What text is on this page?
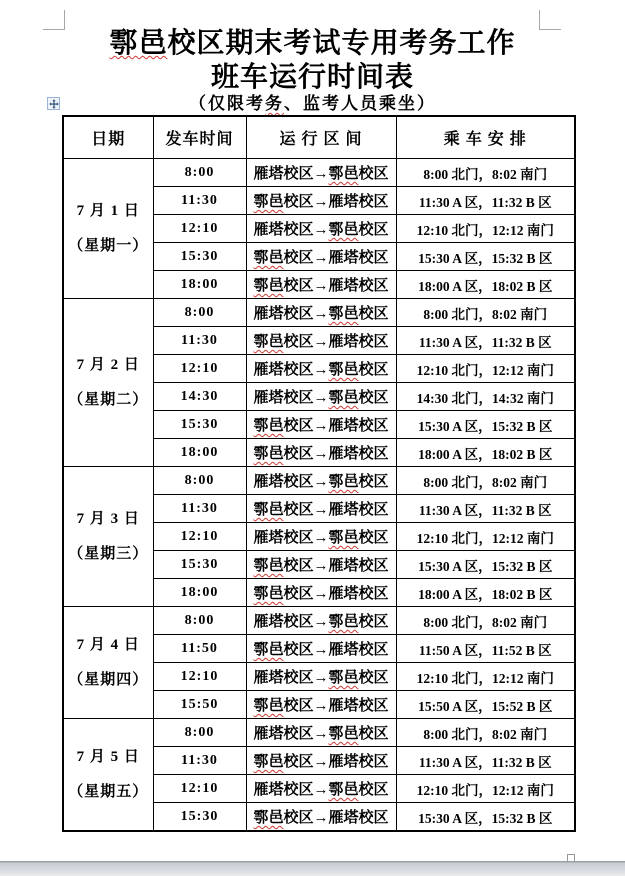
鄠邑校区期末考试专用考务工作
班车运行时间表
（仅限考务、监考人员乘坐）
日期	发车时间	运 行 区 间	乘 车 安 排

7 月 1 日
（星期一）	8:00	雁塔校区→鄠邑校区	8:00 北门，8:02 南门
	11:30	鄠邑校区→雁塔校区	11:30 A 区，11:32 B 区
	12:10	雁塔校区→鄠邑校区	12:10 北门，12:12 南门
	15:30	鄠邑校区→雁塔校区	15:30 A 区，15:32 B 区
	18:00	鄠邑校区→雁塔校区	18:00 A 区，18:02 B 区

7 月 2 日
（星期二）	8:00	雁塔校区→鄠邑校区	8:00 北门，8:02 南门
	11:30	鄠邑校区→雁塔校区	11:30 A 区，11:32 B 区
	12:10	雁塔校区→鄠邑校区	12:10 北门，12:12 南门
	14:30	雁塔校区→鄠邑校区	14:30 北门，14:32 南门
	15:30	鄠邑校区→雁塔校区	15:30 A 区，15:32 B 区
	18:00	鄠邑校区→雁塔校区	18:00 A 区，18:02 B 区

7 月 3 日
（星期三）	8:00	雁塔校区→鄠邑校区	8:00 北门，8:02 南门
	11:30	鄠邑校区→雁塔校区	11:30 A 区，11:32 B 区
	12:10	雁塔校区→鄠邑校区	12:10 北门，12:12 南门
	15:30	鄠邑校区→雁塔校区	15:30 A 区，15:32 B 区
	18:00	鄠邑校区→雁塔校区	18:00 A 区，18:02 B 区

7 月 4 日
（星期四）	8:00	雁塔校区→鄠邑校区	8:00 北门，8:02 南门
	11:50	鄠邑校区→雁塔校区	11:50 A 区，11:52 B 区
	12:10	雁塔校区→鄠邑校区	12:10 北门，12:12 南门
	15:50	鄠邑校区→雁塔校区	15:50 A 区，15:52 B 区

7 月 5 日
（星期五）	8:00	雁塔校区→鄠邑校区	8:00 北门，8:02 南门
	11:30	鄠邑校区→雁塔校区	11:30 A 区，11:32 B 区
	12:10	雁塔校区→鄠邑校区	12:10 北门，12:12 南门
	15:30	鄠邑校区→雁塔校区	15:30 A 区，15:32 B 区
